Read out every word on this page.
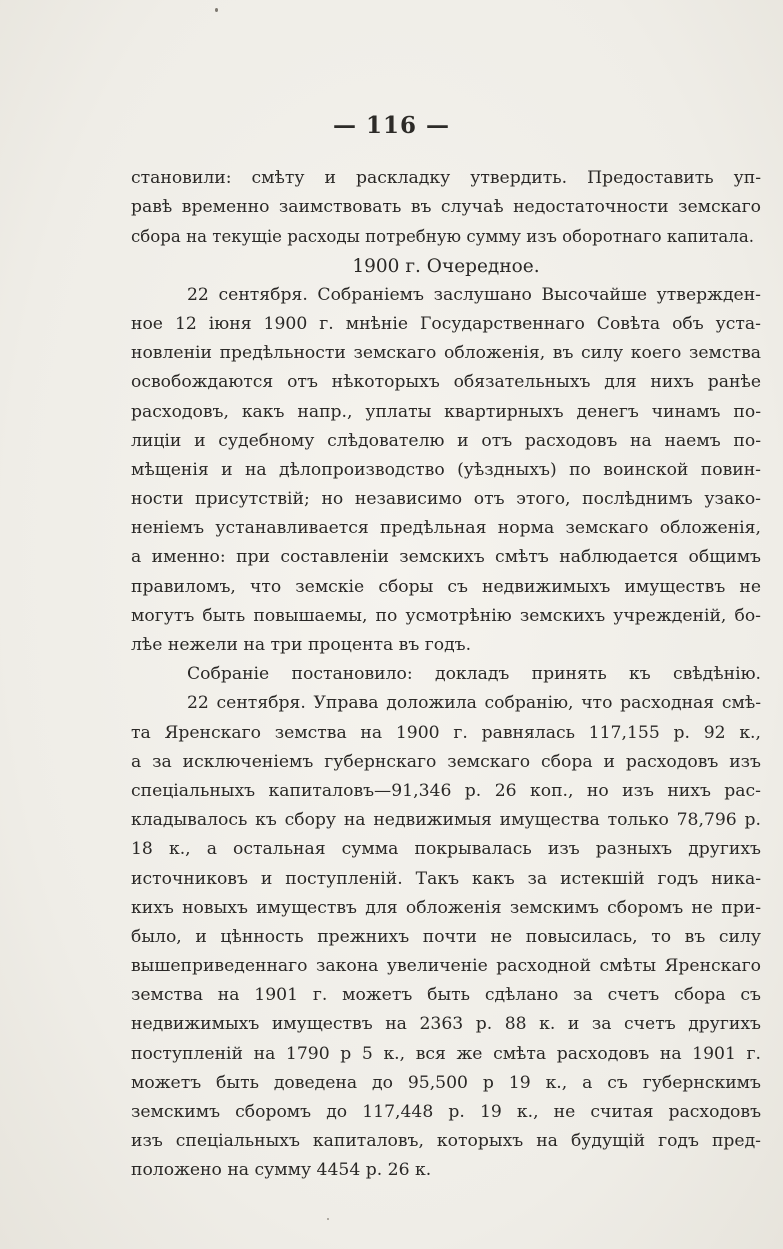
— 116 —
становили: смѣту и раскладку утвердить. Предоставить уп-
равѣ временно заимствовать въ случаѣ недостаточности земскаго
сбора на текущіе расходы потребную сумму изъ оборотнаго капитала.
1900 г. Очередное.
22 сентября. Собраніемъ заслушано Высочайше утвержден-
ное 12 іюня 1900 г. мнѣніе Государственнаго Совѣта объ уста-
новленіи предѣльности земскаго обложенія, въ силу коего земства
освобождаются отъ нѣкоторыхъ обязательныхъ для нихъ ранѣе
расходовъ, какъ напр., уплаты квартирныхъ денегъ чинамъ по-
лиціи и судебному слѣдователю и отъ расходовъ на наемъ по-
мѣщенія и на дѣлопроизводство (уѣздныхъ) по воинской повин-
ности присутствій; но независимо отъ этого, послѣднимъ узако-
неніемъ устанавливается предѣльная норма земскаго обложенія,
а именно: при составленіи земскихъ смѣтъ наблюдается общимъ
правиломъ, что земскіе сборы съ недвижимыхъ имуществъ не
могутъ быть повышаемы, по усмотрѣнію земскихъ учрежденій, бо-
лѣе нежели на три процента въ годъ.
Собраніе постановило: докладъ принять къ свѣдѣнію.
22 сентября. Управа доложила собранію, что расходная смѣ-
та Яренскаго земства на 1900 г. равнялась 117,155 р. 92 к.,
а за исключеніемъ губернскаго земскаго сбора и расходовъ изъ
спеціальныхъ капиталовъ—91,346 р. 26 коп., но изъ нихъ рас-
кладывалось къ сбору на недвижимыя имущества только 78,796 р.
18 к., а остальная сумма покрывалась изъ разныхъ другихъ
источниковъ и поступленій. Такъ какъ за истекшій годъ ника-
кихъ новыхъ имуществъ для обложенія земскимъ сборомъ не при-
было, и цѣнность прежнихъ почти не повысилась, то въ силу
вышеприведеннаго закона увеличеніе расходной смѣты Яренскаго
земства на 1901 г. можетъ быть сдѣлано за счетъ сбора съ
недвижимыхъ имуществъ на 2363 р. 88 к. и за счетъ другихъ
поступленій на 1790 р 5 к., вся же смѣта расходовъ на 1901 г.
можетъ быть доведена до 95,500 р 19 к., а съ губернскимъ
земскимъ сборомъ до 117,448 р. 19 к., не считая расходовъ
изъ спеціальныхъ капиталовъ, которыхъ на будущій годъ пред-
положено на сумму 4454 р. 26 к.
